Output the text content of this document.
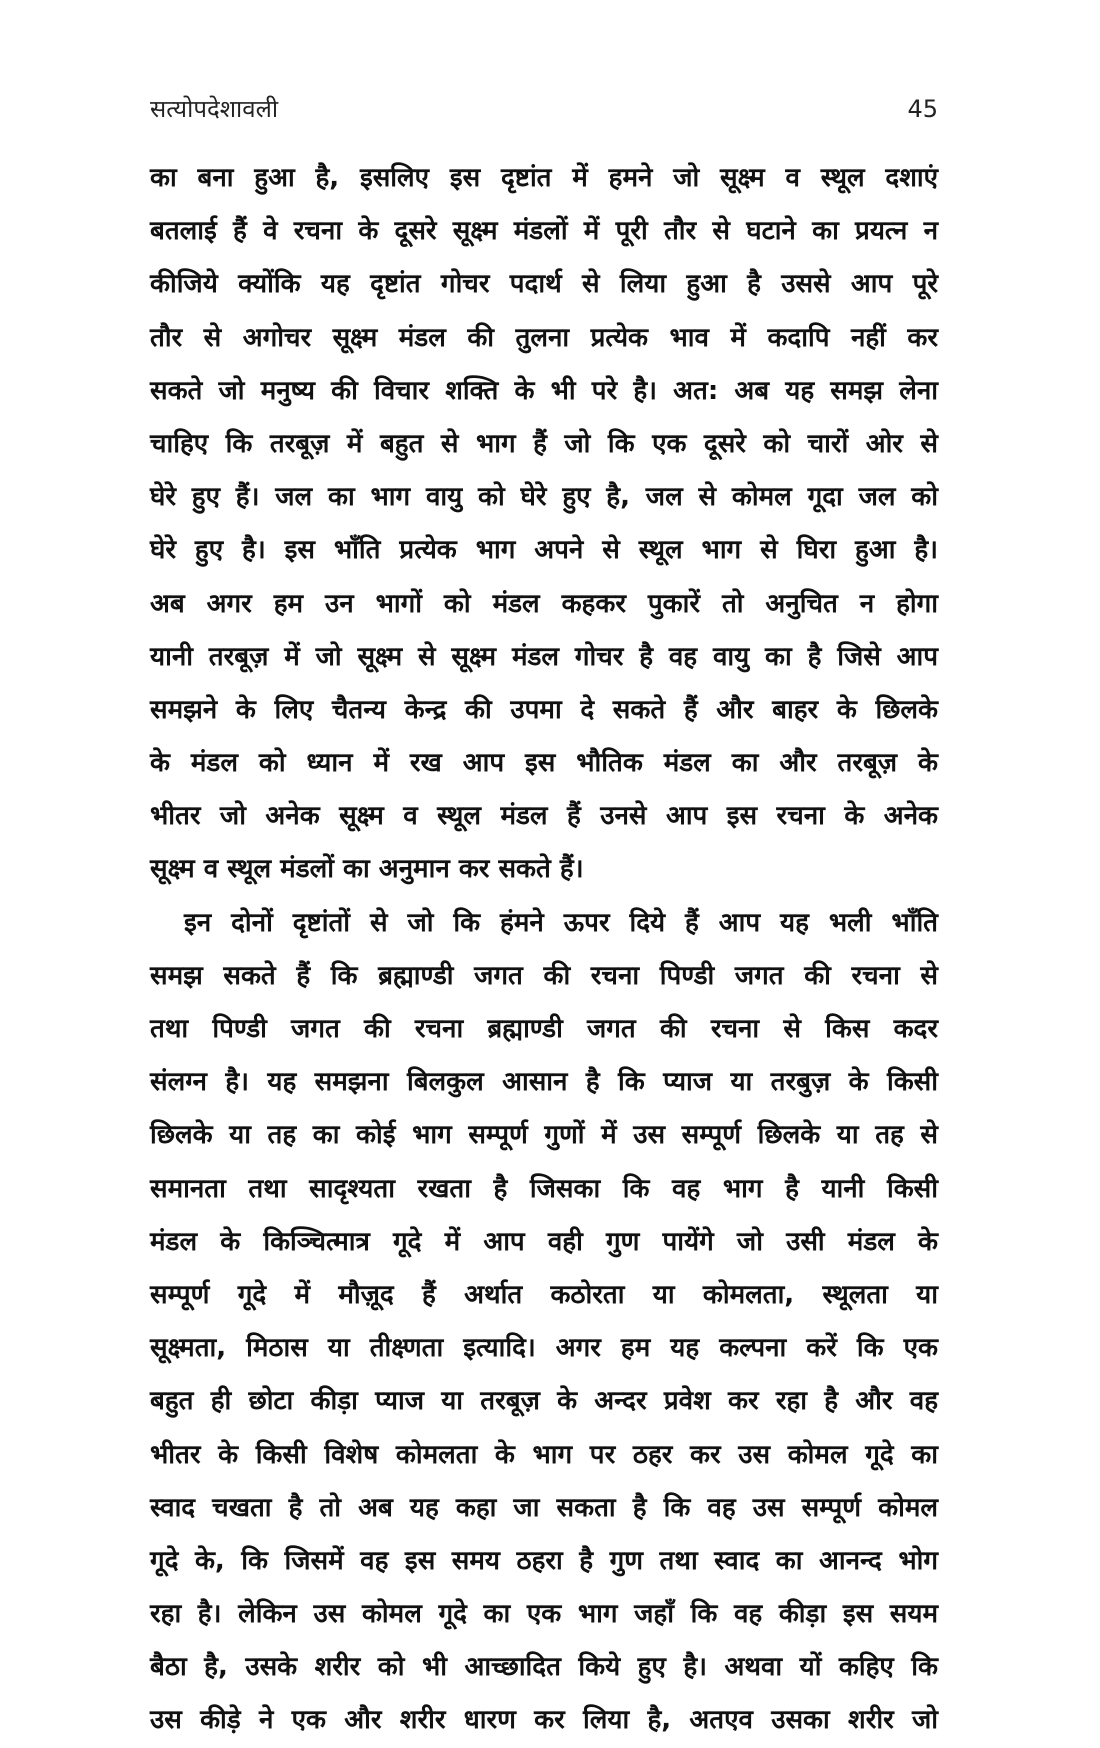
सत्योपदेशावली	45
का बना हुआ है, इसलिए इस दृष्टांत में हमने जो सूक्ष्म व स्थूल दशाएं
बतलाई हैं वे रचना के दूसरे सूक्ष्म मंडलों में पूरी तौर से घटाने का प्रयत्न न
कीजिये क्योंकि यह दृष्टांत गोचर पदार्थ से लिया हुआ है उससे आप पूरे
तौर से अगोचर सूक्ष्म मंडल की तुलना प्रत्येक भाव में कदापि नहीं कर
सकते जो मनुष्य की विचार शक्ति के भी परे है। अत: अब यह समझ लेना
चाहिए कि तरबूज़ में बहुत से भाग हैं जो कि एक दूसरे को चारों ओर से
घेरे हुए हैं। जल का भाग वायु को घेरे हुए है, जल से कोमल गूदा जल को
घेरे हुए है। इस भाँति प्रत्येक भाग अपने से स्थूल भाग से घिरा हुआ है।
अब अगर हम उन भागों को मंडल कहकर पुकारें तो अनुचित न होगा
यानी तरबूज़ में जो सूक्ष्म से सूक्ष्म मंडल गोचर है वह वायु का है जिसे आप
समझने के लिए चैतन्य केन्द्र की उपमा दे सकते हैं और बाहर के छिलके
के मंडल को ध्यान में रख आप इस भौतिक मंडल का और तरबूज़ के
भीतर जो अनेक सूक्ष्म व स्थूल मंडल हैं उनसे आप इस रचना के अनेक
सूक्ष्म व स्थूल मंडलों का अनुमान कर सकते हैं।
इन दोनों दृष्टांतों से जो कि हंमने ऊपर दिये हैं आप यह भली भाँति
समझ सकते हैं कि ब्रह्माण्डी जगत की रचना पिण्डी जगत की रचना से
तथा पिण्डी जगत की रचना ब्रह्माण्डी जगत की रचना से किस कदर
संलग्न है। यह समझना बिलकुल आसान है कि प्याज या तरबुज़ के किसी
छिलके या तह का कोई भाग सम्पूर्ण गुणों में उस सम्पूर्ण छिलके या तह से
समानता तथा सादृश्यता रखता है जिसका कि वह भाग है यानी किसी
मंडल के किञ्चित्मात्र गूदे में आप वही गुण पायेंगे जो उसी मंडल के
सम्पूर्ण गूदे में मौज़ूद हैं अर्थात कठोरता या कोमलता, स्थूलता या
सूक्ष्मता, मिठास या तीक्ष्णता इत्यादि। अगर हम यह कल्पना करें कि एक
बहुत ही छोटा कीड़ा प्याज या तरबूज़ के अन्दर प्रवेश कर रहा है और वह
भीतर के किसी विशेष कोमलता के भाग पर ठहर कर उस कोमल गूदे का
स्वाद चखता है तो अब यह कहा जा सकता है कि वह उस सम्पूर्ण कोमल
गूदे के, कि जिसमें वह इस समय ठहरा है गुण तथा स्वाद का आनन्द भोग
रहा है। लेकिन उस कोमल गूदे का एक भाग जहाँ कि वह कीड़ा इस सयम
बैठा है, उसके शरीर को भी आच्छादित किये हुए है। अथवा यों कहिए कि
उस कीड़े ने एक और शरीर धारण कर लिया है, अतएव उसका शरीर जो
